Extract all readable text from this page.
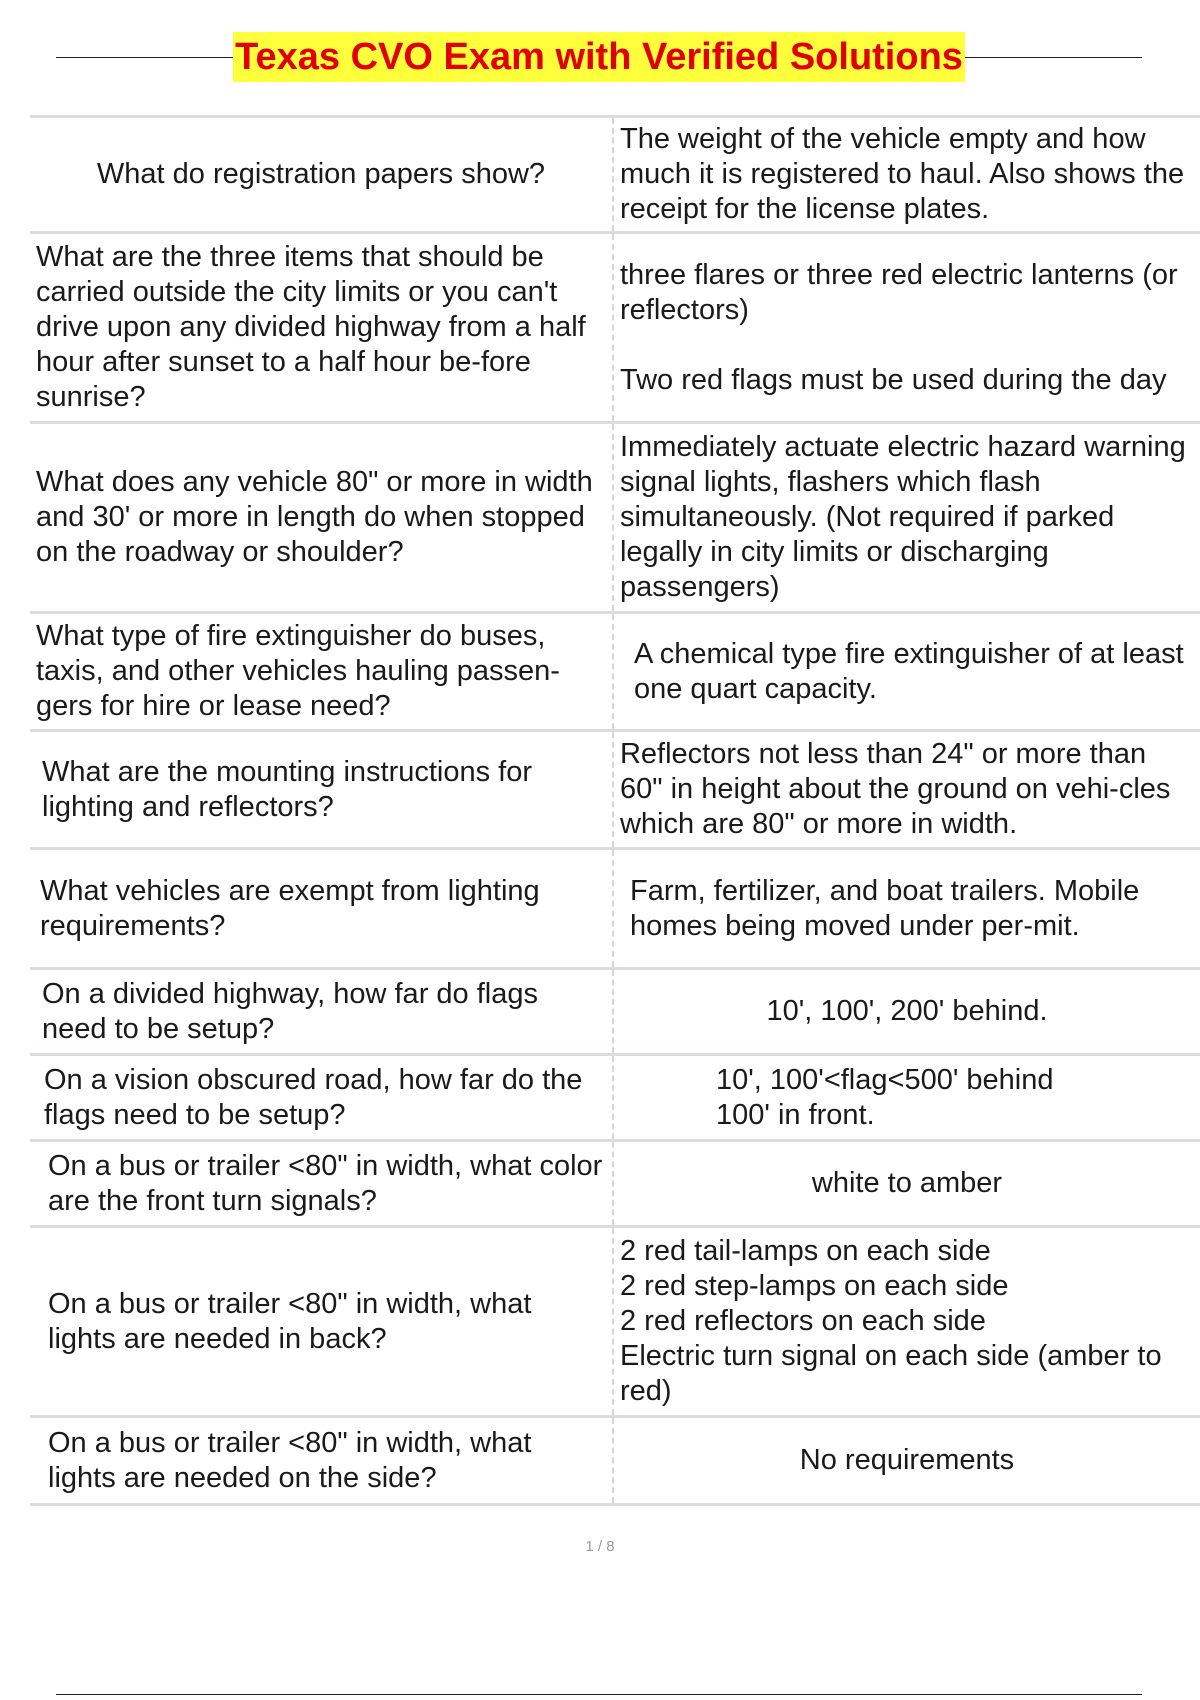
Texas CVO Exam with Verified Solutions
What do registration papers show?	The weight of the vehicle empty and how much it is registered to haul. Also shows the receipt for the license plates.
What are the three items that should be carried outside the city limits or you can't drive upon any divided highway from a half hour after sunset to a half hour be-fore sunrise?	three flares or three red electric lanterns (or reflectors)

Two red flags must be used during the day
What does any vehicle 80" or more in width and 30' or more in length do when stopped on the roadway or shoulder?	Immediately actuate electric hazard warning signal lights, flashers which flash simultaneously. (Not required if parked legally in city limits or discharging passengers)
What type of fire extinguisher do buses, taxis, and other vehicles hauling passen-gers for hire or lease need?	A chemical type fire extinguisher of at least one quart capacity.
What are the mounting instructions for lighting and reflectors?	Reflectors not less than 24" or more than 60" in height about the ground on vehi-cles which are 80" or more in width.
What vehicles are exempt from lighting requirements?	Farm, fertilizer, and boat trailers. Mobile homes being moved under per-mit.
On a divided highway, how far do flags need to be setup?	10', 100', 200' behind.
On a vision obscured road, how far do the flags need to be setup?	10', 100'<flag<500' behind
100' in front.
On a bus or trailer <80" in width, what color are the front turn signals?	white to amber
On a bus or trailer <80" in width, what lights are needed in back?	2 red tail-lamps on each side
2 red step-lamps on each side
2 red reflectors on each side
Electric turn signal on each side (amber to red)
On a bus or trailer <80" in width, what lights are needed on the side?	No requirements
1 / 8
